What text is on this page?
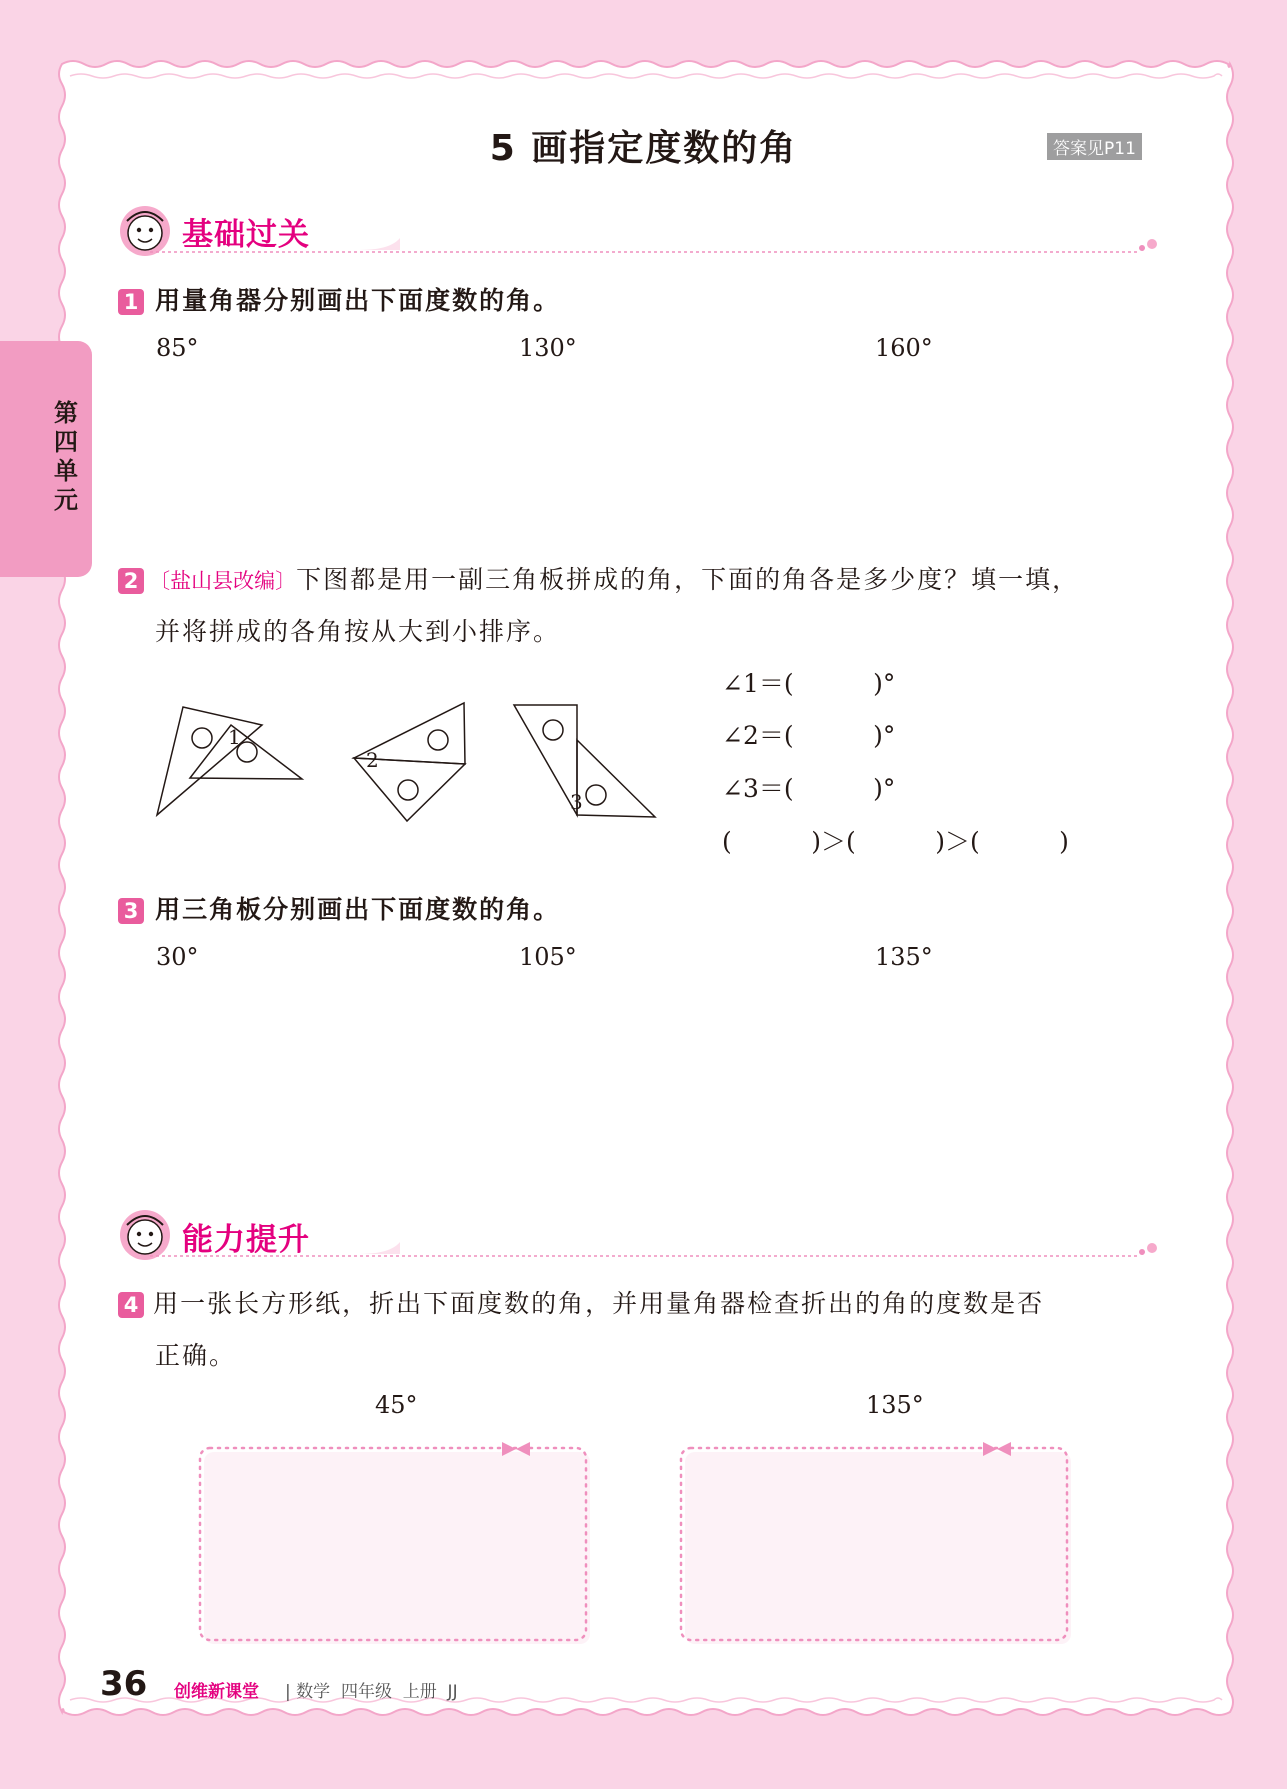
第四单元
5 画指定度数的角	答案见P11
基础过关
1 用量角器分别画出下面度数的角。
85°	130°	160°
2 〔盐山县改编〕下图都是用一副三角板拼成的角，下面的角各是多少度？填一填，
并将拼成的各角按从大到小排序。
1
2
3
∠1＝(          )°
∠2＝(          )°
∠3＝(          )°
(          )＞(          )＞(          )
3 用三角板分别画出下面度数的角。
30°	105°	135°
能力提升
4 用一张长方形纸，折出下面度数的角，并用量角器检查折出的角的度数是否
正确。
45°	135°
36 创维新课堂 | 数学  四年级  上册  JJ
